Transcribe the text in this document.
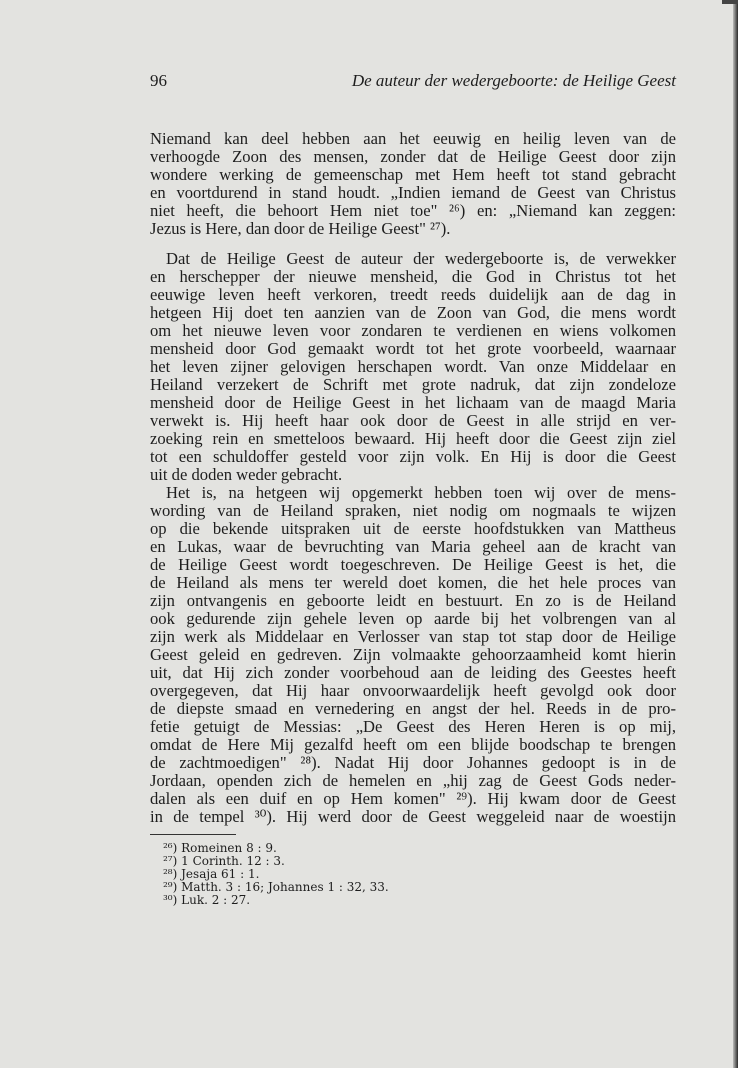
96	De auteur der wedergeboorte: de Heilige Geest
Niemand kan deel hebben aan het eeuwig en heilig leven van de
verhoogde Zoon des mensen, zonder dat de Heilige Geest door zijn
wondere werking de gemeenschap met Hem heeft tot stand gebracht
en voortdurend in stand houdt. „Indien iemand de Geest van Christus
niet heeft, die behoort Hem niet toe" ²⁶) en: „Niemand kan zeggen:
Jezus is Here, dan door de Heilige Geest" ²⁷).
Dat de Heilige Geest de auteur der wedergeboorte is, de verwekker
en herschepper der nieuwe mensheid, die God in Christus tot het
eeuwige leven heeft verkoren, treedt reeds duidelijk aan de dag in
hetgeen Hij doet ten aanzien van de Zoon van God, die mens wordt
om het nieuwe leven voor zondaren te verdienen en wiens volkomen
mensheid door God gemaakt wordt tot het grote voorbeeld, waarnaar
het leven zijner gelovigen herschapen wordt. Van onze Middelaar en
Heiland verzekert de Schrift met grote nadruk, dat zijn zondeloze
mensheid door de Heilige Geest in het lichaam van de maagd Maria
verwekt is. Hij heeft haar ook door de Geest in alle strijd en ver-
zoeking rein en smetteloos bewaard. Hij heeft door die Geest zijn ziel
tot een schuldoffer gesteld voor zijn volk. En Hij is door die Geest
uit de doden weder gebracht.
Het is, na hetgeen wij opgemerkt hebben toen wij over de mens-
wording van de Heiland spraken, niet nodig om nogmaals te wijzen
op die bekende uitspraken uit de eerste hoofdstukken van Mattheus
en Lukas, waar de bevruchting van Maria geheel aan de kracht van
de Heilige Geest wordt toegeschreven. De Heilige Geest is het, die
de Heiland als mens ter wereld doet komen, die het hele proces van
zijn ontvangenis en geboorte leidt en bestuurt. En zo is de Heiland
ook gedurende zijn gehele leven op aarde bij het volbrengen van al
zijn werk als Middelaar en Verlosser van stap tot stap door de Heilige
Geest geleid en gedreven. Zijn volmaakte gehoorzaamheid komt hierin
uit, dat Hij zich zonder voorbehoud aan de leiding des Geestes heeft
overgegeven, dat Hij haar onvoorwaardelijk heeft gevolgd ook door
de diepste smaad en vernedering en angst der hel. Reeds in de pro-
fetie getuigt de Messias: „De Geest des Heren Heren is op mij,
omdat de Here Mij gezalfd heeft om een blijde boodschap te brengen
de zachtmoedigen" ²⁸). Nadat Hij door Johannes gedoopt is in de
Jordaan, openden zich de hemelen en „hij zag de Geest Gods neder-
dalen als een duif en op Hem komen" ²⁹). Hij kwam door de Geest
in de tempel ³⁰). Hij werd door de Geest weggeleid naar de woestijn
²⁶) Romeinen 8 : 9.
²⁷) 1 Corinth. 12 : 3.
²⁸) Jesaja 61 : 1.
²⁹) Matth. 3 : 16; Johannes 1 : 32, 33.
³⁰) Luk. 2 : 27.
